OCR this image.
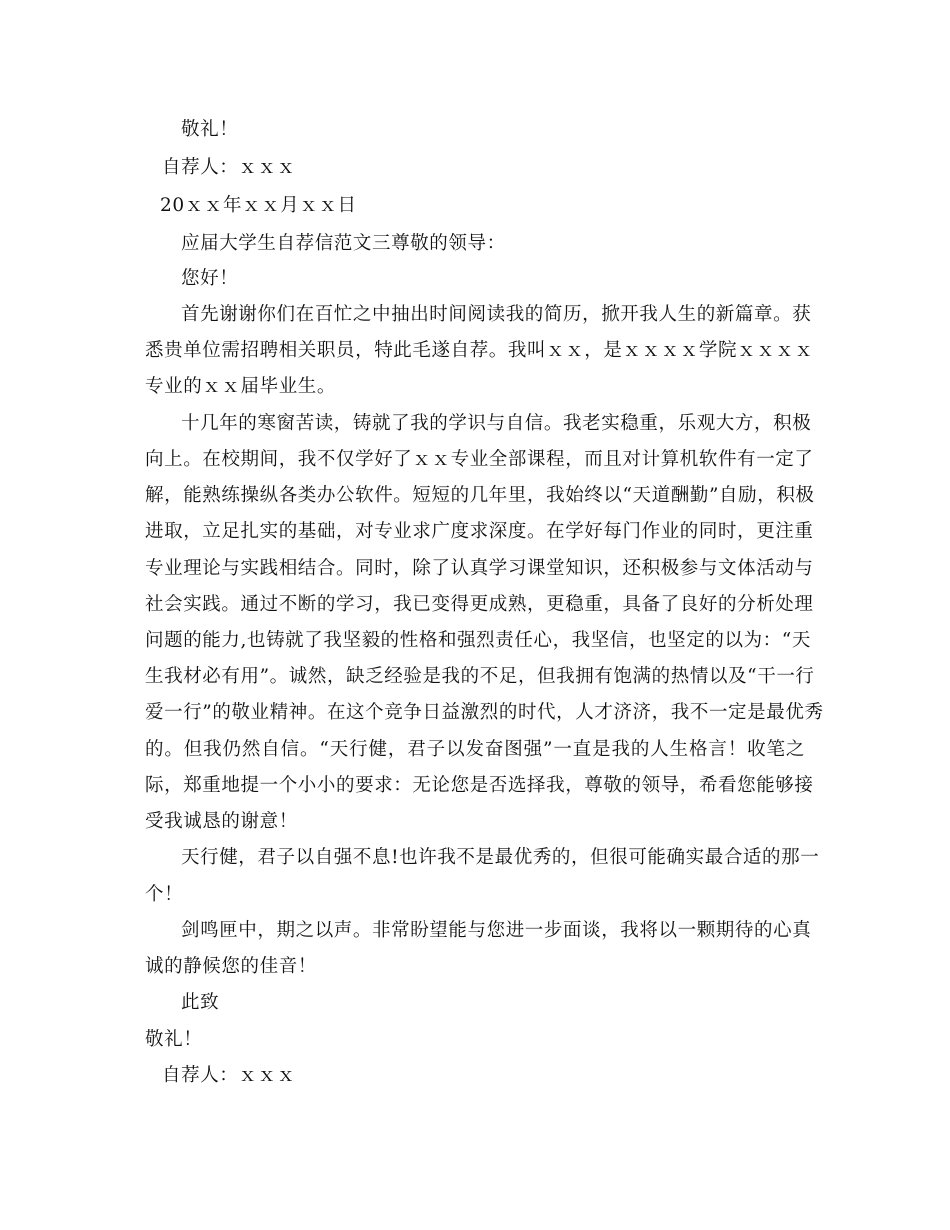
敬礼！
自荐人：ｘｘｘ
20ｘｘ年ｘｘ月ｘｘ日
应届大学生自荐信范文三尊敬的领导：
您好！
首先谢谢你们在百忙之中抽出时间阅读我的简历，掀开我人生的新篇章。获
悉贵单位需招聘相关职员，特此毛遂自荐。我叫ｘｘ，是ｘｘｘｘ学院ｘｘｘｘ
专业的ｘｘ届毕业生。
十几年的寒窗苦读，铸就了我的学识与自信。我老实稳重，乐观大方，积极
向上。在校期间，我不仅学好了ｘｘ专业全部课程，而且对计算机软件有一定了
解，能熟练操纵各类办公软件。短短的几年里，我始终以“天道酬勤”自励，积极
进取，立足扎实的基础，对专业求广度求深度。在学好每门作业的同时，更注重
专业理论与实践相结合。同时，除了认真学习课堂知识，还积极参与文体活动与
社会实践。通过不断的学习，我已变得更成熟，更稳重，具备了良好的分析处理
问题的能力,也铸就了我坚毅的性格和强烈责任心，我坚信，也坚定的以为：“天
生我材必有用”。诚然，缺乏经验是我的不足，但我拥有饱满的热情以及“干一行
爱一行”的敬业精神。在这个竞争日益激烈的时代，人才济济，我不一定是最优秀
的。但我仍然自信。“天行健，君子以发奋图强”一直是我的人生格言！收笔之
际，郑重地提一个小小的要求：无论您是否选择我，尊敬的领导，希看您能够接
受我诚恳的谢意！
天行健，君子以自强不息!也许我不是最优秀的，但很可能确实最合适的那一
个！
剑鸣匣中，期之以声。非常盼望能与您进一步面谈，我将以一颗期待的心真
诚的静候您的佳音！
此致
敬礼！
自荐人：ｘｘｘ
